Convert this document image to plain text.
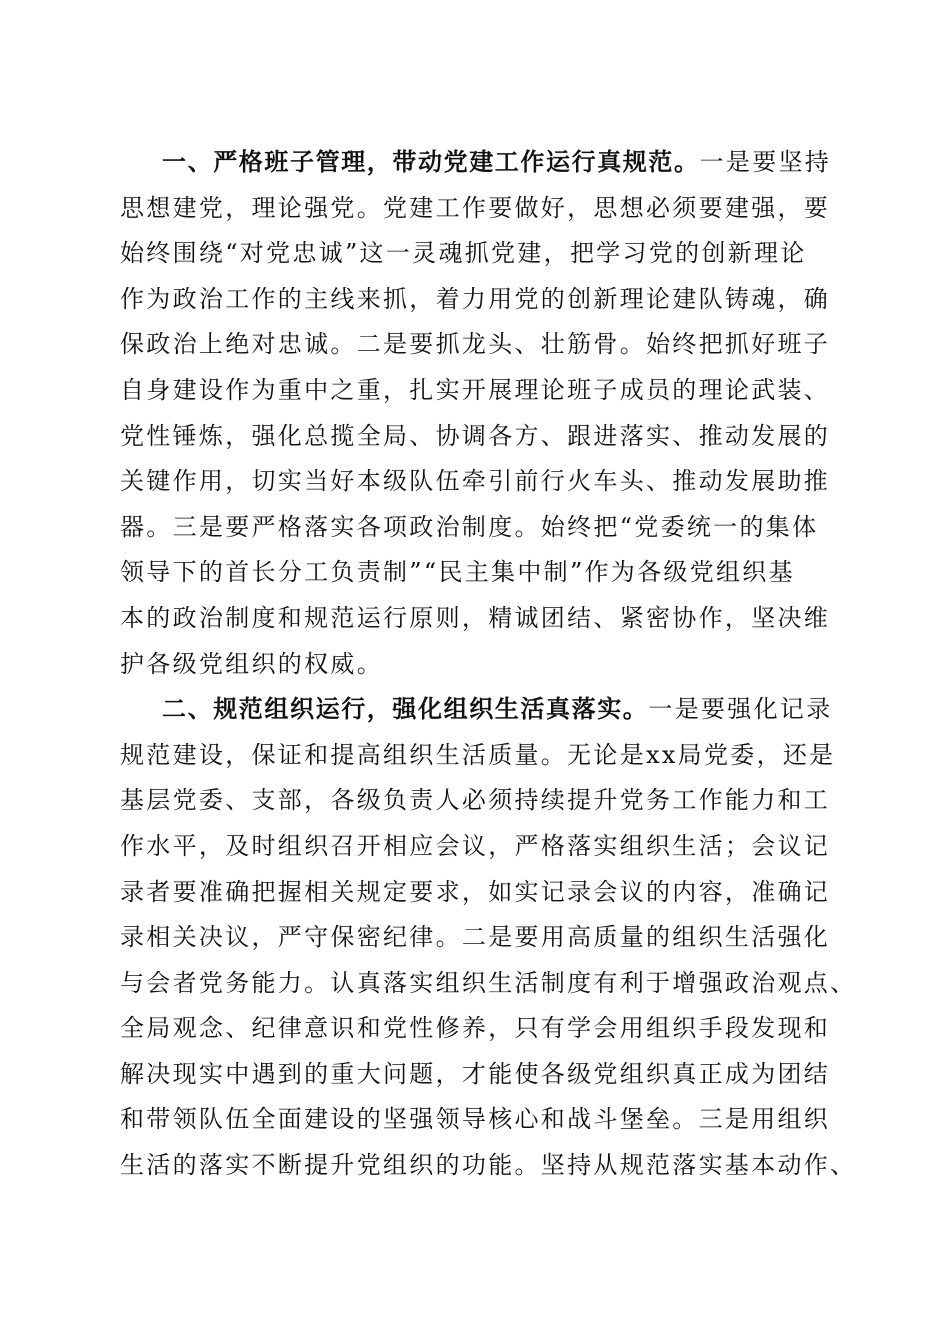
一、严格班子管理，带动党建工作运行真规范。一是要坚持
思想建党，理论强党。党建工作要做好，思想必须要建强，要
始终围绕“对党忠诚”这一灵魂抓党建，把学习党的创新理论
作为政治工作的主线来抓，着力用党的创新理论建队铸魂，确
保政治上绝对忠诚。二是要抓龙头、壮筋骨。始终把抓好班子
自身建设作为重中之重，扎实开展理论班子成员的理论武装、
党性锤炼，强化总揽全局、协调各方、跟进落实、推动发展的
关键作用，切实当好本级队伍牵引前行火车头、推动发展助推
器。三是要严格落实各项政治制度。始终把“党委统一的集体
领导下的首长分工负责制”“民主集中制”作为各级党组织基
本的政治制度和规范运行原则，精诚团结、紧密协作，坚决维
护各级党组织的权威。
二、规范组织运行，强化组织生活真落实。一是要强化记录
规范建设，保证和提高组织生活质量。无论是xx局党委，还是
基层党委、支部，各级负责人必须持续提升党务工作能力和工
作水平，及时组织召开相应会议，严格落实组织生活；会议记
录者要准确把握相关规定要求，如实记录会议的内容，准确记
录相关决议，严守保密纪律。二是要用高质量的组织生活强化
与会者党务能力。认真落实组织生活制度有利于增强政治观点、
全局观念、纪律意识和党性修养，只有学会用组织手段发现和
解决现实中遇到的重大问题，才能使各级党组织真正成为团结
和带领队伍全面建设的坚强领导核心和战斗堡垒。三是用组织
生活的落实不断提升党组织的功能。坚持从规范落实基本动作、
